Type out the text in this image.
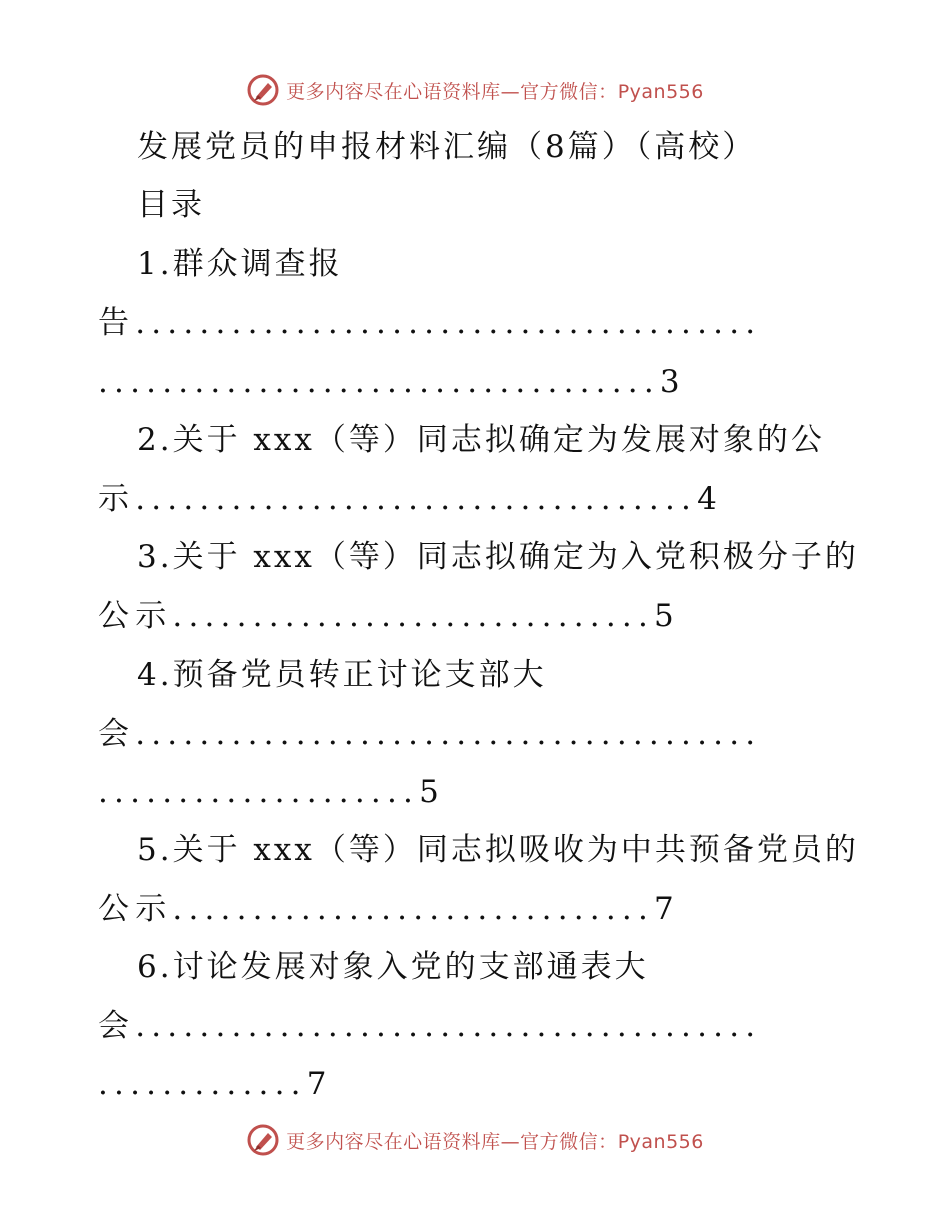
更多内容尽在心语资料库—官方微信：Pyan556
发展党员的申报材料汇编（8篇）（高校）
目录
1.群众调查报
告.......................................
...................................3
2.关于 xxx（等）同志拟确定为发展对象的公
示...................................4
3.关于 xxx（等）同志拟确定为入党积极分子的
公示..............................5
4.预备党员转正讨论支部大
会.......................................
....................5
5.关于 xxx（等）同志拟吸收为中共预备党员的
公示..............................7
6.讨论发展对象入党的支部通表大
会.......................................
.............7
更多内容尽在心语资料库—官方微信：Pyan556
